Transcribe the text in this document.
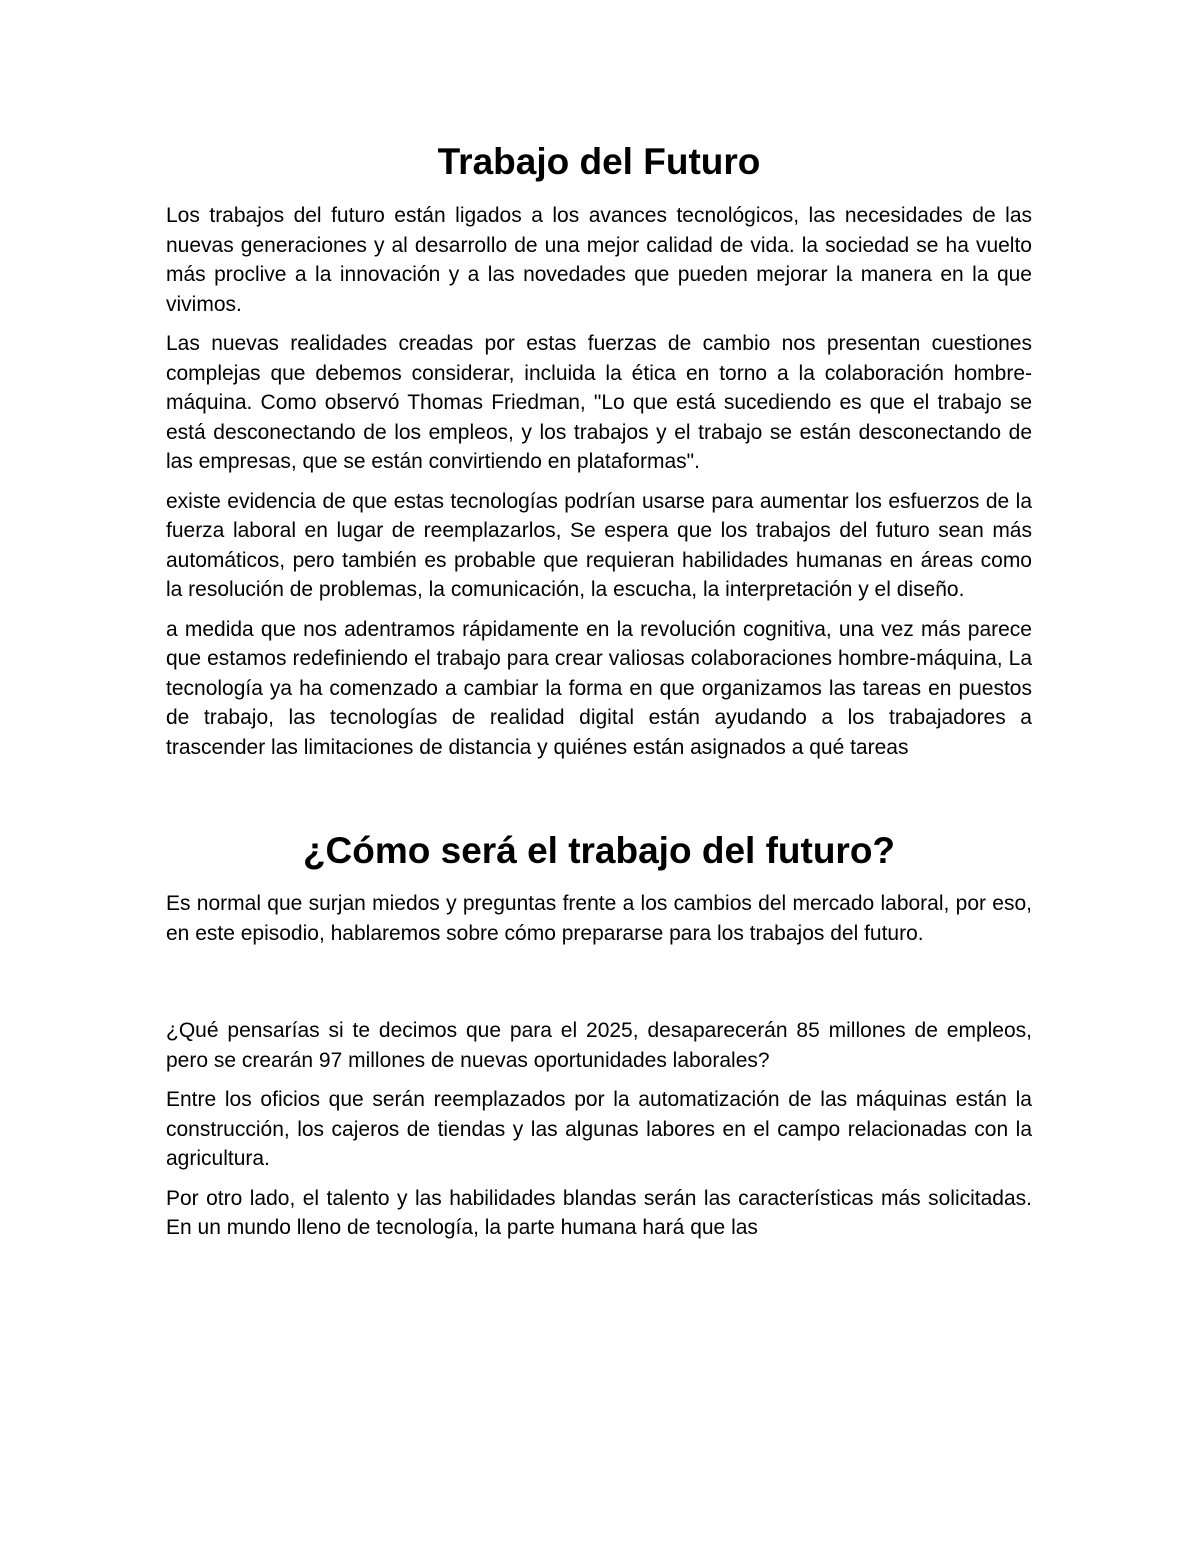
Trabajo del Futuro

Los trabajos del futuro están ligados a los avances tecnológicos, las necesidades de las nuevas generaciones y al desarrollo de una mejor calidad de vida. la sociedad se ha vuelto más proclive a la innovación y a las novedades que pueden mejorar la manera en la que vivimos.

Las nuevas realidades creadas por estas fuerzas de cambio nos presentan cuestiones complejas que debemos considerar, incluida la ética en torno a la colaboración hombre-máquina. Como observó Thomas Friedman, "Lo que está sucediendo es que el trabajo se está desconectando de los empleos, y los trabajos y el trabajo se están desconectando de las empresas, que se están convirtiendo en plataformas".

existe evidencia de que estas tecnologías podrían usarse para aumentar los esfuerzos de la fuerza laboral en lugar de reemplazarlos, Se espera que los trabajos del futuro sean más automáticos, pero también es probable que requieran habilidades humanas en áreas como la resolución de problemas, la comunicación, la escucha, la interpretación y el diseño.

a medida que nos adentramos rápidamente en la revolución cognitiva, una vez más parece que estamos redefiniendo el trabajo para crear valiosas colaboraciones hombre-máquina, La tecnología ya ha comenzado a cambiar la forma en que organizamos las tareas en puestos de trabajo, las tecnologías de realidad digital están ayudando a los trabajadores a trascender las limitaciones de distancia y quiénes están asignados a qué tareas

¿Cómo será el trabajo del futuro?

Es normal que surjan miedos y preguntas frente a los cambios del mercado laboral, por eso, en este episodio, hablaremos sobre cómo prepararse para los trabajos del futuro.

¿Qué pensarías si te decimos que para el 2025, desaparecerán 85 millones de empleos, pero se crearán 97 millones de nuevas oportunidades laborales?

Entre los oficios que serán reemplazados por la automatización de las máquinas están la construcción, los cajeros de tiendas y las algunas labores en el campo relacionadas con la agricultura.

Por otro lado, el talento y las habilidades blandas serán las características más solicitadas. En un mundo lleno de tecnología, la parte humana hará que las
